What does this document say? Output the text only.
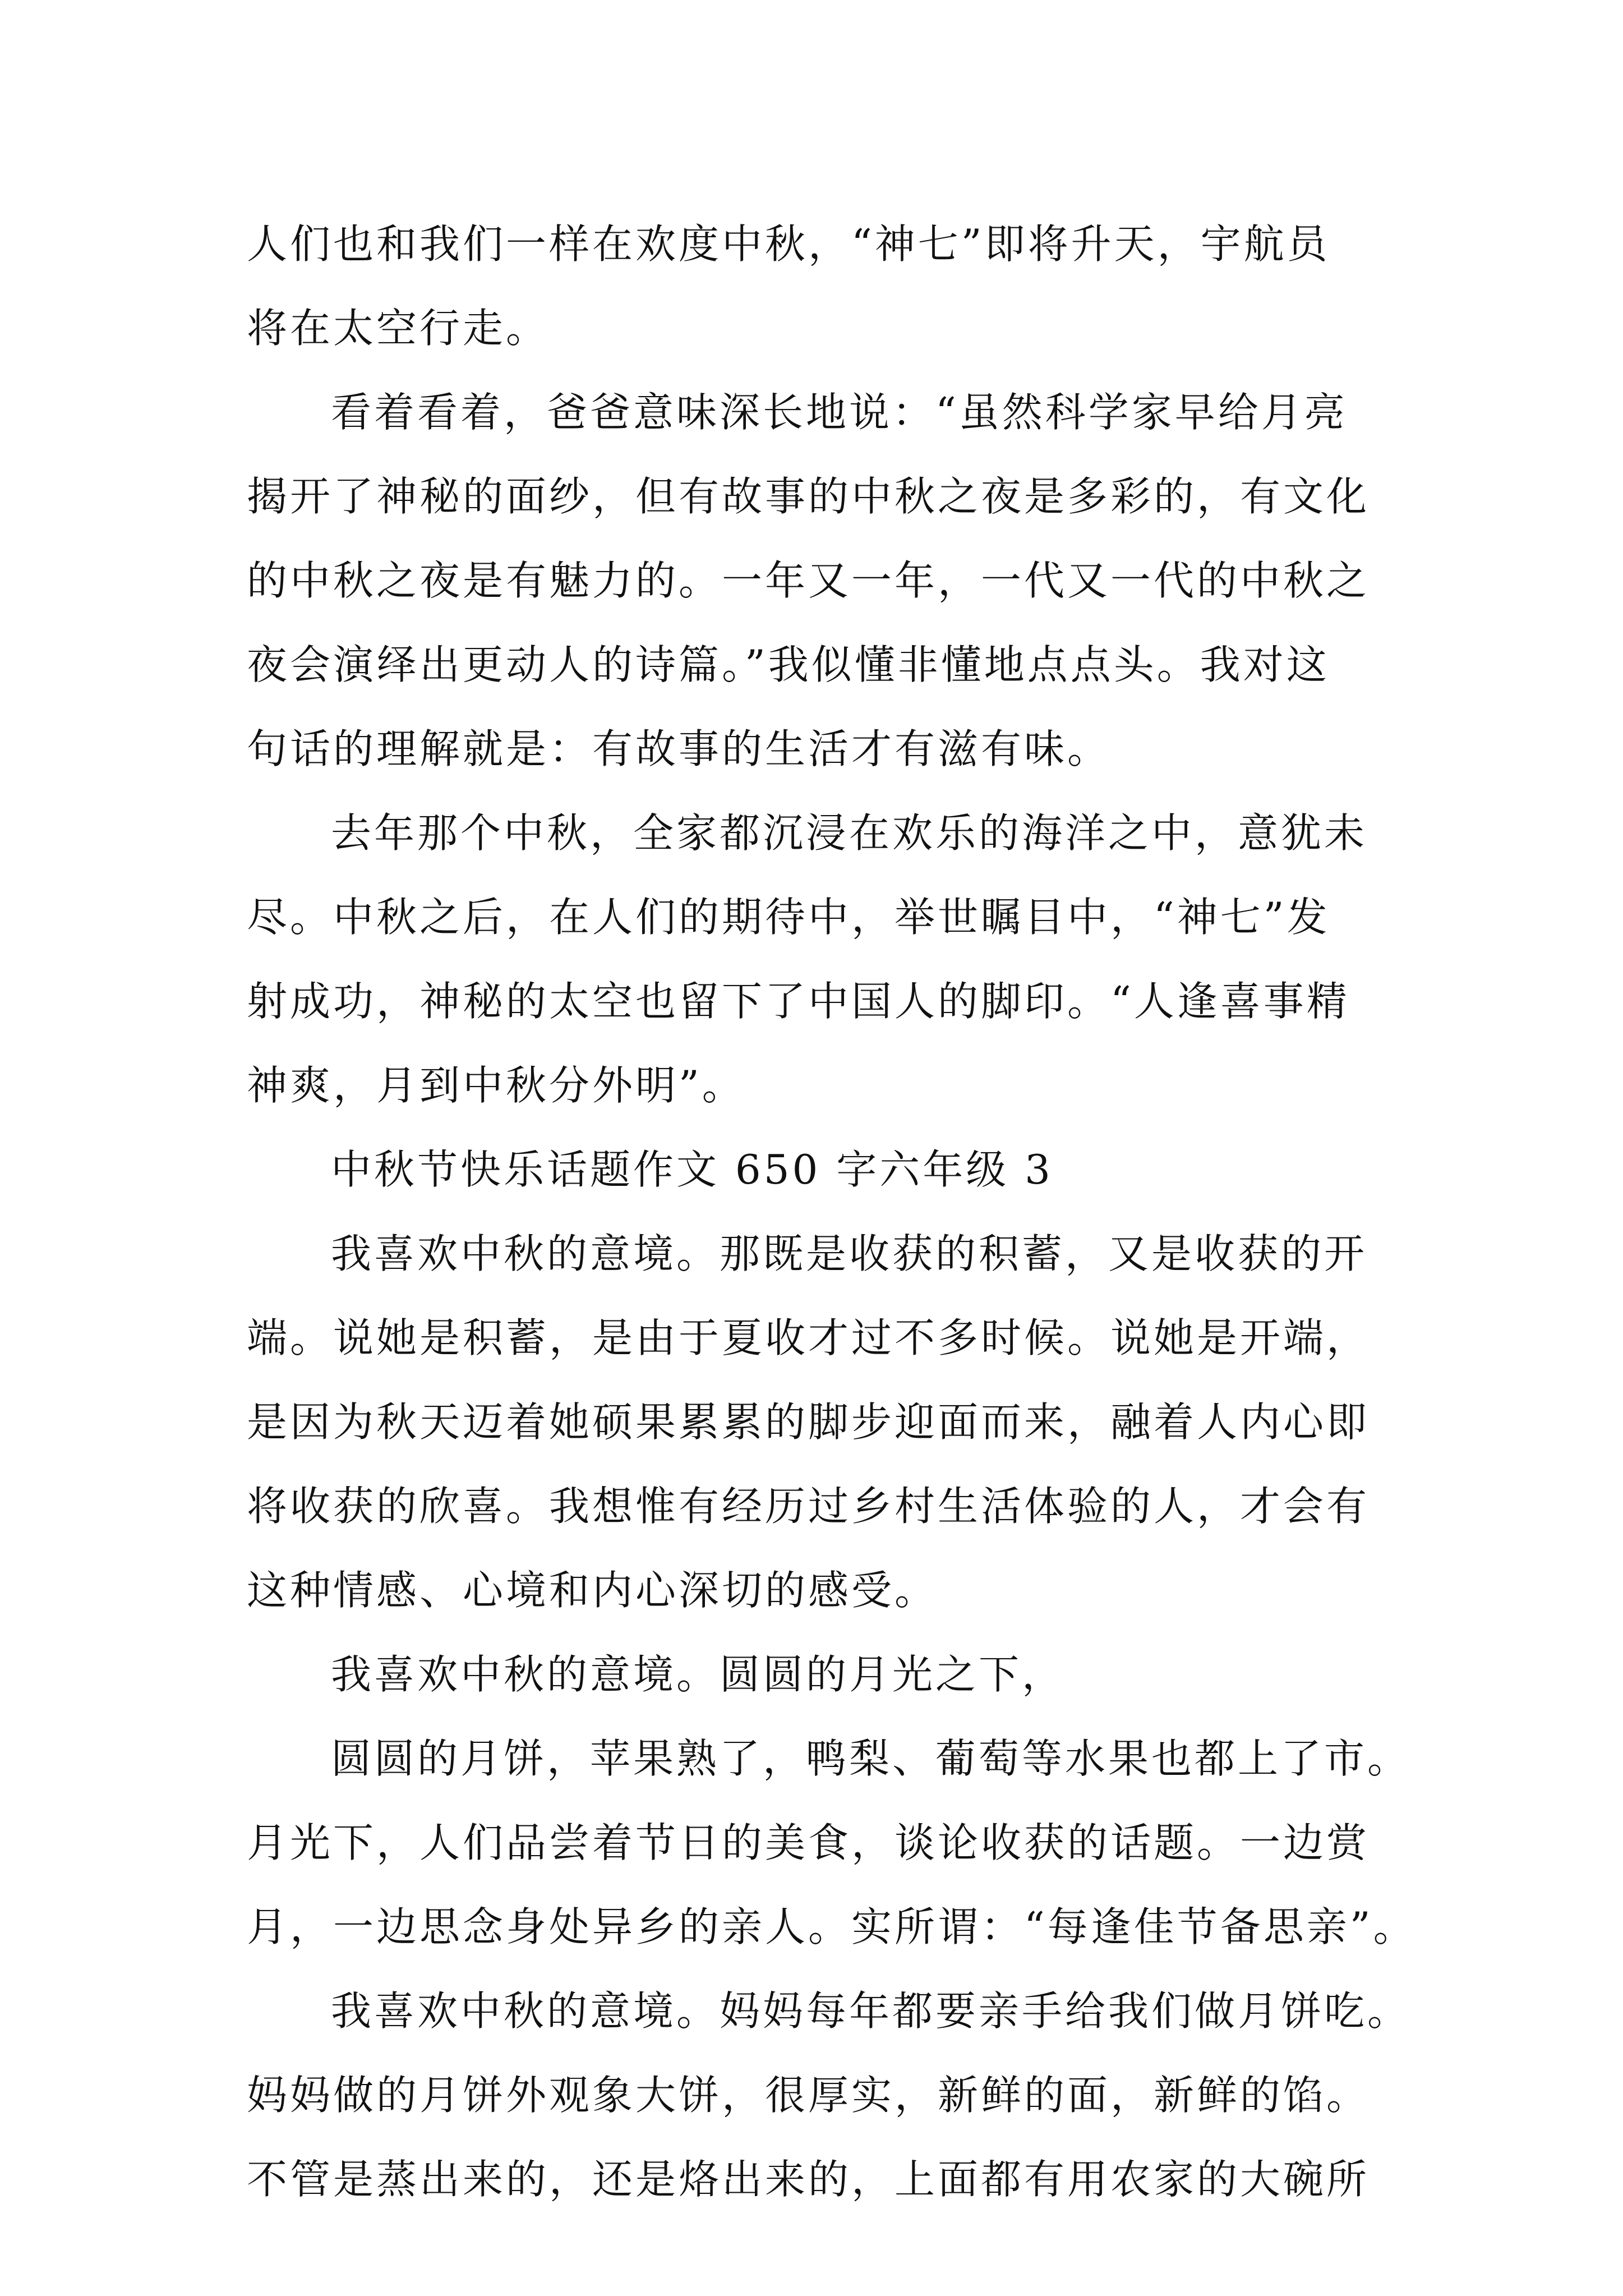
人们也和我们一样在欢度中秋，“神七”即将升天，宇航员
将在太空行走。
看着看着，爸爸意味深长地说：“虽然科学家早给月亮
揭开了神秘的面纱，但有故事的中秋之夜是多彩的，有文化
的中秋之夜是有魅力的。一年又一年，一代又一代的中秋之
夜会演绎出更动人的诗篇。”我似懂非懂地点点头。我对这
句话的理解就是：有故事的生活才有滋有味。
去年那个中秋，全家都沉浸在欢乐的海洋之中，意犹未
尽。中秋之后，在人们的期待中，举世瞩目中，“神七”发
射成功，神秘的太空也留下了中国人的脚印。“人逢喜事精
神爽，月到中秋分外明”。
中秋节快乐话题作文 650 字六年级 3
我喜欢中秋的意境。那既是收获的积蓄，又是收获的开
端。说她是积蓄，是由于夏收才过不多时候。说她是开端，
是因为秋天迈着她硕果累累的脚步迎面而来，融着人内心即
将收获的欣喜。我想惟有经历过乡村生活体验的人，才会有
这种情感、心境和内心深切的感受。
我喜欢中秋的意境。圆圆的月光之下，
圆圆的月饼，苹果熟了，鸭梨、葡萄等水果也都上了市。
月光下，人们品尝着节日的美食，谈论收获的话题。一边赏
月，一边思念身处异乡的亲人。实所谓：“每逢佳节备思亲”。
我喜欢中秋的意境。妈妈每年都要亲手给我们做月饼吃。
妈妈做的月饼外观象大饼，很厚实，新鲜的面，新鲜的馅。
不管是蒸出来的，还是烙出来的，上面都有用农家的大碗所
